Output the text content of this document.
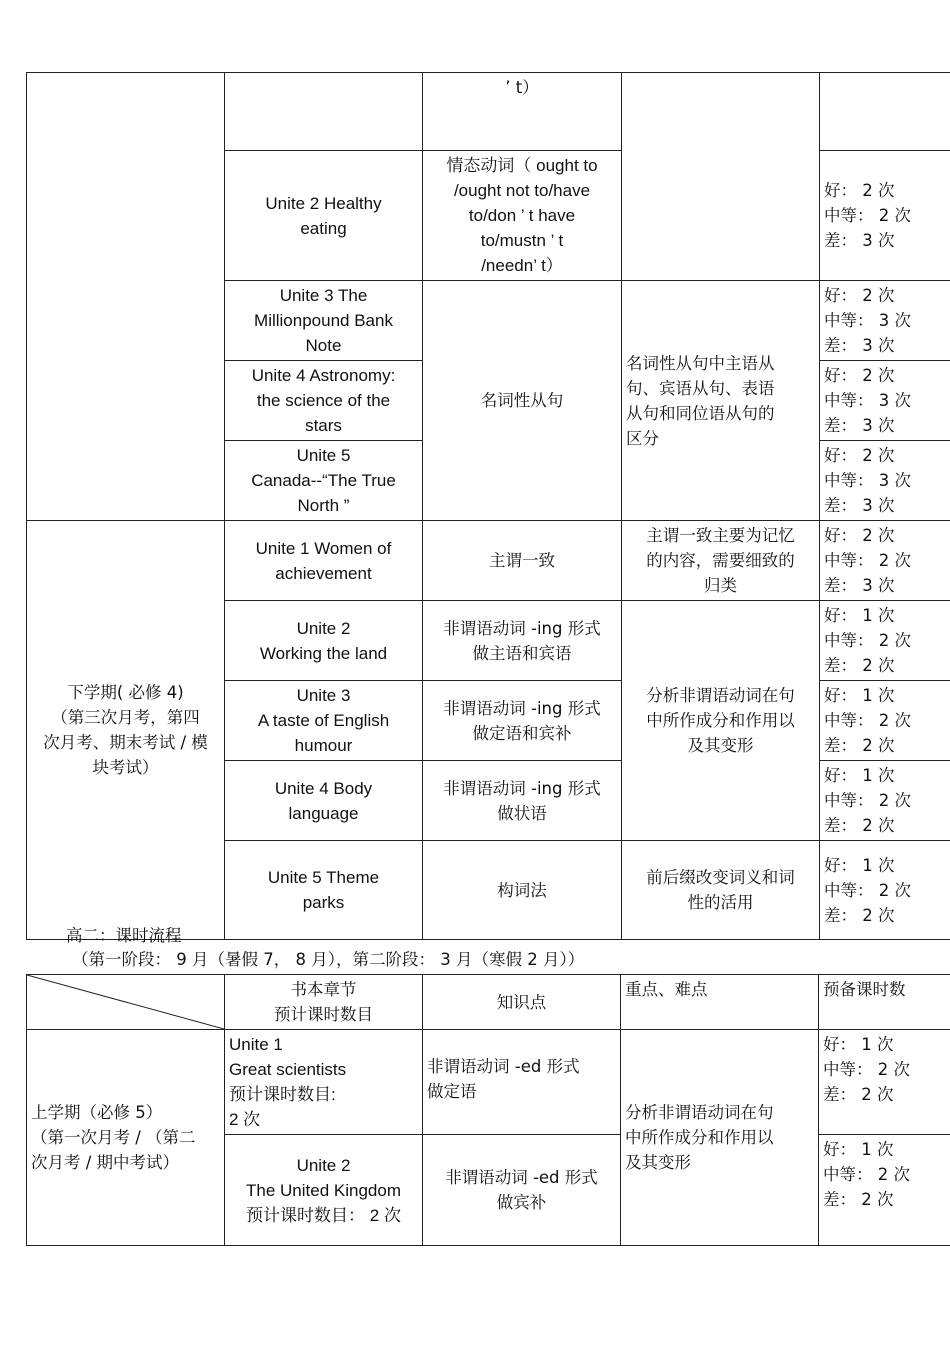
		’ t）		
	Unite 2 Healthy
eating	情态动词（ ought to
/ought not to/have
to/don ’ t have
to/mustn ’ t
/needn’ t）		好： 2 次
中等： 2 次
差： 3 次
	Unite 3 The
Millionpound Bank
Note	名词性从句	名词性从句中主语从
句、宾语从句、表语
从句和同位语从句的
区分	好： 2 次
中等： 3 次
差： 3 次
	Unite 4 Astronomy:
the science of the
stars			好： 2 次
中等： 3 次
差： 3 次
	Unite 5
Canada--“The True
North ”			好： 2 次
中等： 3 次
差： 3 次
下学期( 必修 4)
（第三次月考，第四
次月考、期末考试 / 模
块考试）	Unite 1 Women of
achievement	主谓一致	主谓一致主要为记忆
的内容，需要细致的
归类	好： 2 次
中等： 2 次
差： 3 次
	Unite 2
Working the land	非谓语动词 -ing 形式
做主语和宾语	分析非谓语动词在句
中所作成分和作用以
及其变形	好： 1 次
中等： 2 次
差： 2 次
	Unite 3
A taste of English
humour	非谓语动词 -ing 形式
做定语和宾补		好： 1 次
中等： 2 次
差： 2 次
	Unite 4 Body
language	非谓语动词 -ing 形式
做状语		好： 1 次
中等： 2 次
差： 2 次
	Unite 5 Theme
parks	构词法	前后缀改变词义和词
性的活用	好： 1 次
中等： 2 次
差： 2 次
高二：课时流程
（第一阶段： 9 月（暑假 7， 8 月），第二阶段： 3 月（寒假 2 月））
	书本章节
预计课时数目	知识点	重点、难点	预备课时数
上学期（必修 5）
（第一次月考 / （第二
次月考 / 期中考试）	Unite 1
Great scientists
预计课时数目:
2 次	非谓语动词 -ed 形式
做定语	分析非谓语动词在句
中所作成分和作用以
及其变形	好： 1 次
中等： 2 次
差： 2 次
	Unite 2
The United Kingdom
预计课时数目： 2 次	非谓语动词 -ed 形式
做宾补		好： 1 次
中等： 2 次
差： 2 次
